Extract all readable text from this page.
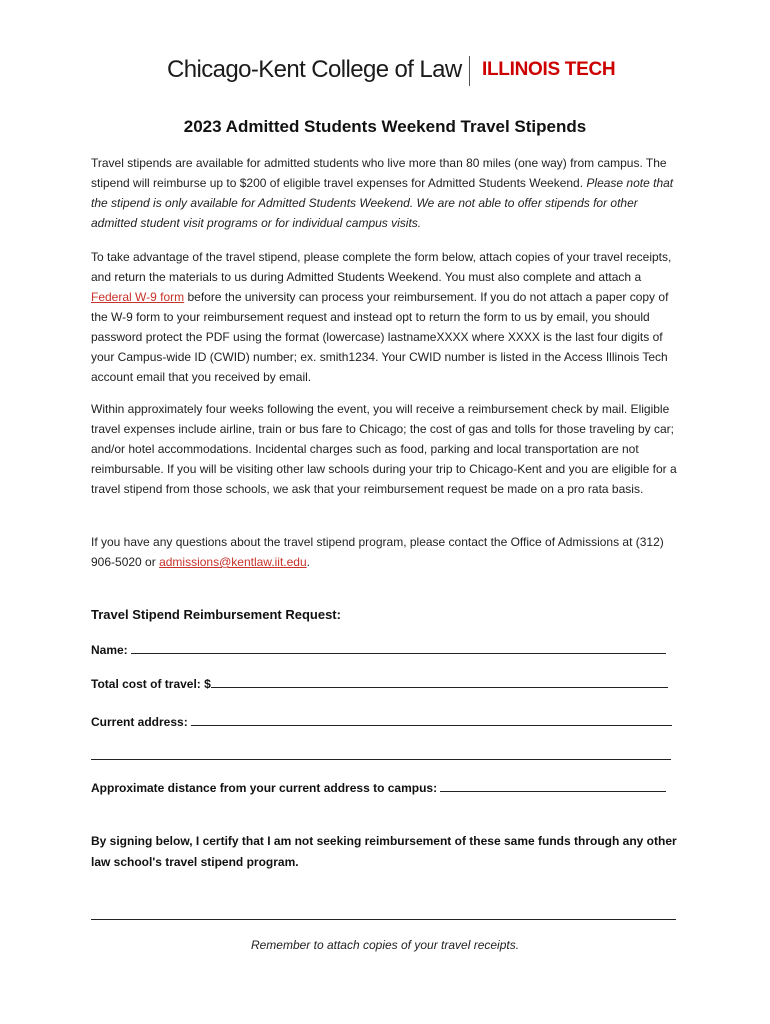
Chicago-Kent College of Law ILLINOIS TECH
2023 Admitted Students Weekend Travel Stipends
Travel stipends are available for admitted students who live more than 80 miles (one way) from campus. The stipend will reimburse up to $200 of eligible travel expenses for Admitted Students Weekend. Please note that the stipend is only available for Admitted Students Weekend. We are not able to offer stipends for other admitted student visit programs or for individual campus visits.
To take advantage of the travel stipend, please complete the form below, attach copies of your travel receipts, and return the materials to us during Admitted Students Weekend. You must also complete and attach a Federal W-9 form before the university can process your reimbursement. If you do not attach a paper copy of the W-9 form to your reimbursement request and instead opt to return the form to us by email, you should password protect the PDF using the format (lowercase) lastnameXXXX where XXXX is the last four digits of your Campus-wide ID (CWID) number; ex. smith1234. Your CWID number is listed in the Access Illinois Tech account email that you received by email.
Within approximately four weeks following the event, you will receive a reimbursement check by mail. Eligible travel expenses include airline, train or bus fare to Chicago; the cost of gas and tolls for those traveling by car; and/or hotel accommodations. Incidental charges such as food, parking and local transportation are not reimbursable. If you will be visiting other law schools during your trip to Chicago-Kent and you are eligible for a travel stipend from those schools, we ask that your reimbursement request be made on a pro rata basis.
If you have any questions about the travel stipend program, please contact the Office of Admissions at (312) 906-5020 or admissions@kentlaw.iit.edu.
Travel Stipend Reimbursement Request:
Name:
Total cost of travel: $
Current address:
Approximate distance from your current address to campus:
By signing below, I certify that I am not seeking reimbursement of these same funds through any other law school's travel stipend program.
Remember to attach copies of your travel receipts.
